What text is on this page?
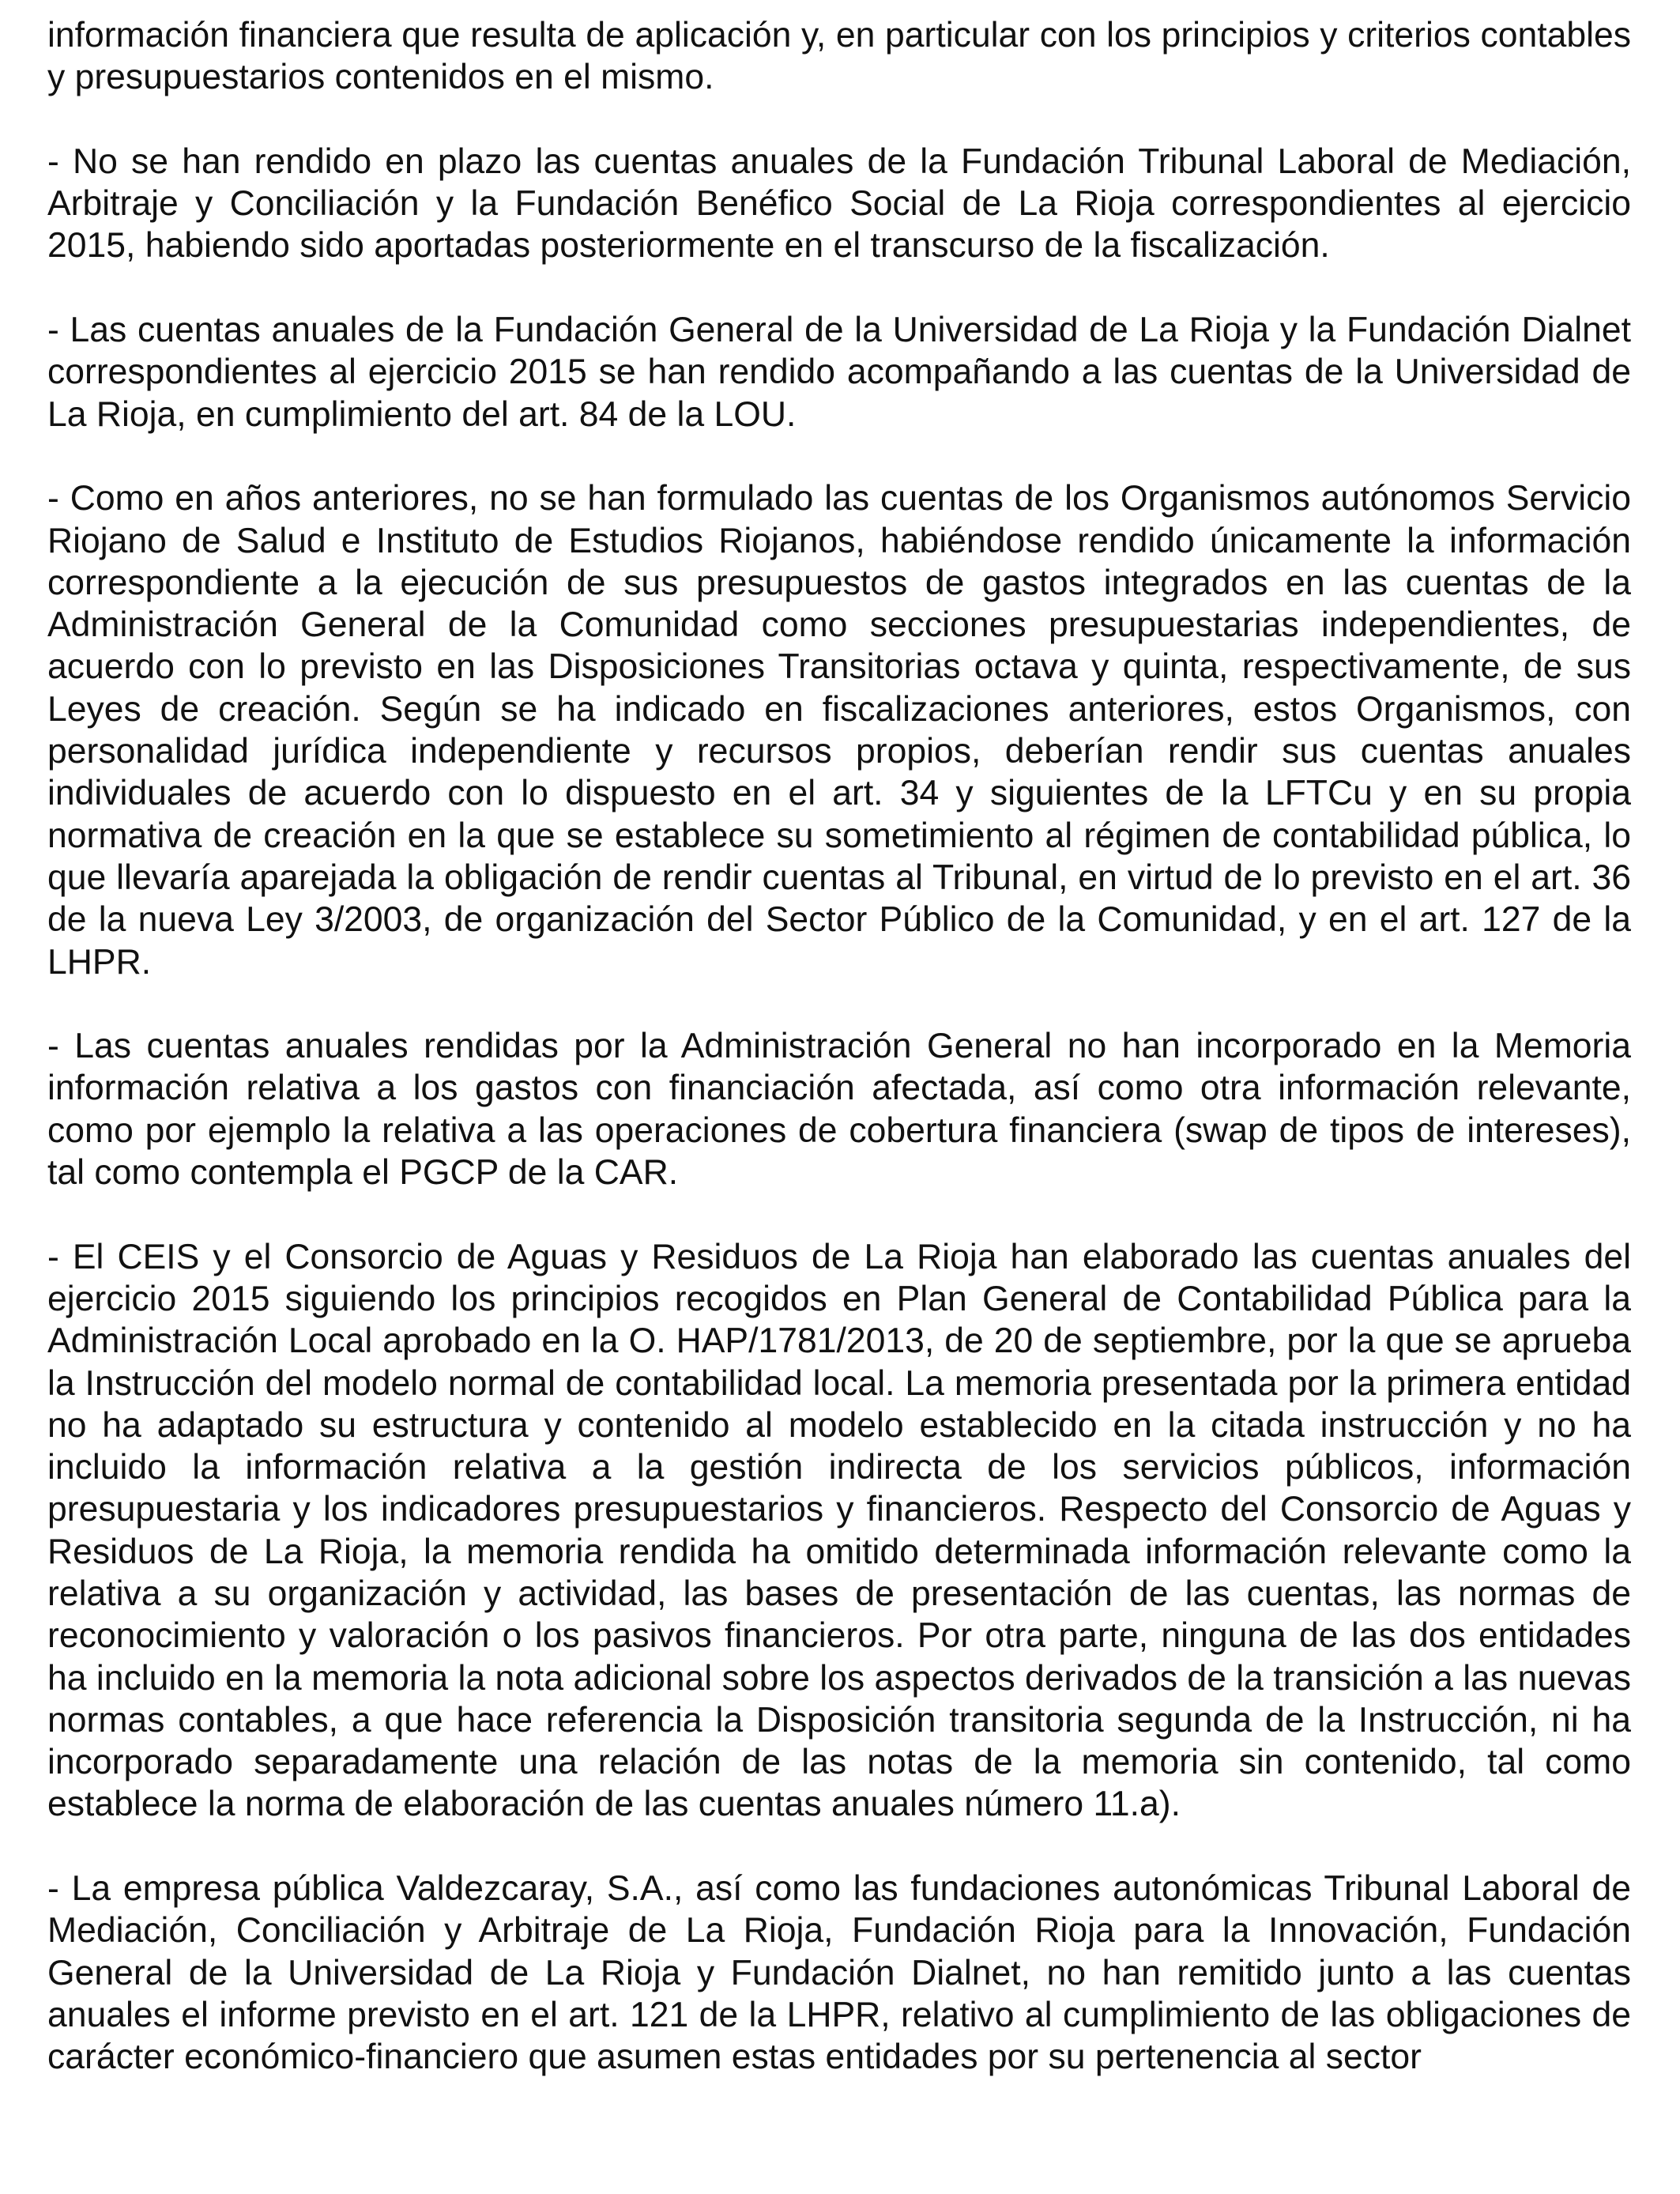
información financiera que resulta de aplicación y, en particular con los principios y criterios contables y presupuestarios contenidos en el mismo.

- No se han rendido en plazo las cuentas anuales de la Fundación Tribunal Laboral de Mediación, Arbitraje y Conciliación y la Fundación Benéfico Social de La Rioja correspondientes al ejercicio 2015, habiendo sido aportadas posteriormente en el transcurso de la fiscalización.

- Las cuentas anuales de la Fundación General de la Universidad de La Rioja y la Fundación Dialnet correspondientes al ejercicio 2015 se han rendido acompañando a las cuentas de la Universidad de La Rioja, en cumplimiento del art. 84 de la LOU.

- Como en años anteriores, no se han formulado las cuentas de los Organismos autónomos Servicio Riojano de Salud e Instituto de Estudios Riojanos, habiéndose rendido únicamente la información correspondiente a la ejecución de sus presupuestos de gastos integrados en las cuentas de la Administración General de la Comunidad como secciones presupuestarias independientes, de acuerdo con lo previsto en las Disposiciones Transitorias octava y quinta, respectivamente, de sus Leyes de creación. Según se ha indicado en fiscalizaciones anteriores, estos Organismos, con personalidad jurídica independiente y recursos propios, deberían rendir sus cuentas anuales individuales de acuerdo con lo dispuesto en el art. 34 y siguientes de la LFTCu y en su propia normativa de creación en la que se establece su sometimiento al régimen de contabilidad pública, lo que llevaría aparejada la obligación de rendir cuentas al Tribunal, en virtud de lo previsto en el art. 36 de la nueva Ley 3/2003, de organización del Sector Público de la Comunidad, y en el art. 127 de la LHPR.

- Las cuentas anuales rendidas por la Administración General no han incorporado en la Memoria información relativa a los gastos con financiación afectada, así como otra información relevante, como por ejemplo la relativa a las operaciones de cobertura financiera (swap de tipos de intereses), tal como contempla el PGCP de la CAR.

- El CEIS y el Consorcio de Aguas y Residuos de La Rioja han elaborado las cuentas anuales del ejercicio 2015 siguiendo los principios recogidos en Plan General de Contabilidad Pública para la Administración Local aprobado en la O. HAP/1781/2013, de 20 de septiembre, por la que se aprueba la Instrucción del modelo normal de contabilidad local. La memoria presentada por la primera entidad no ha adaptado su estructura y contenido al modelo establecido en la citada instrucción y no ha incluido la información relativa a la gestión indirecta de los servicios públicos, información presupuestaria y los indicadores presupuestarios y financieros. Respecto del Consorcio de Aguas y Residuos de La Rioja, la memoria rendida ha omitido determinada información relevante como la relativa a su organización y actividad, las bases de presentación de las cuentas, las normas de reconocimiento y valoración o los pasivos financieros. Por otra parte, ninguna de las dos entidades ha incluido en la memoria la nota adicional sobre los aspectos derivados de la transición a las nuevas normas contables, a que hace referencia la Disposición transitoria segunda de la Instrucción, ni ha incorporado separadamente una relación de las notas de la memoria sin contenido, tal como establece la norma de elaboración de las cuentas anuales número 11.a).

- La empresa pública Valdezcaray, S.A., así como las fundaciones autonómicas Tribunal Laboral de Mediación, Conciliación y Arbitraje de La Rioja, Fundación Rioja para la Innovación, Fundación General de la Universidad de La Rioja y Fundación Dialnet, no han remitido junto a las cuentas anuales el informe previsto en el art. 121 de la LHPR, relativo al cumplimiento de las obligaciones de carácter económico-financiero que asumen estas entidades por su pertenencia al sector
